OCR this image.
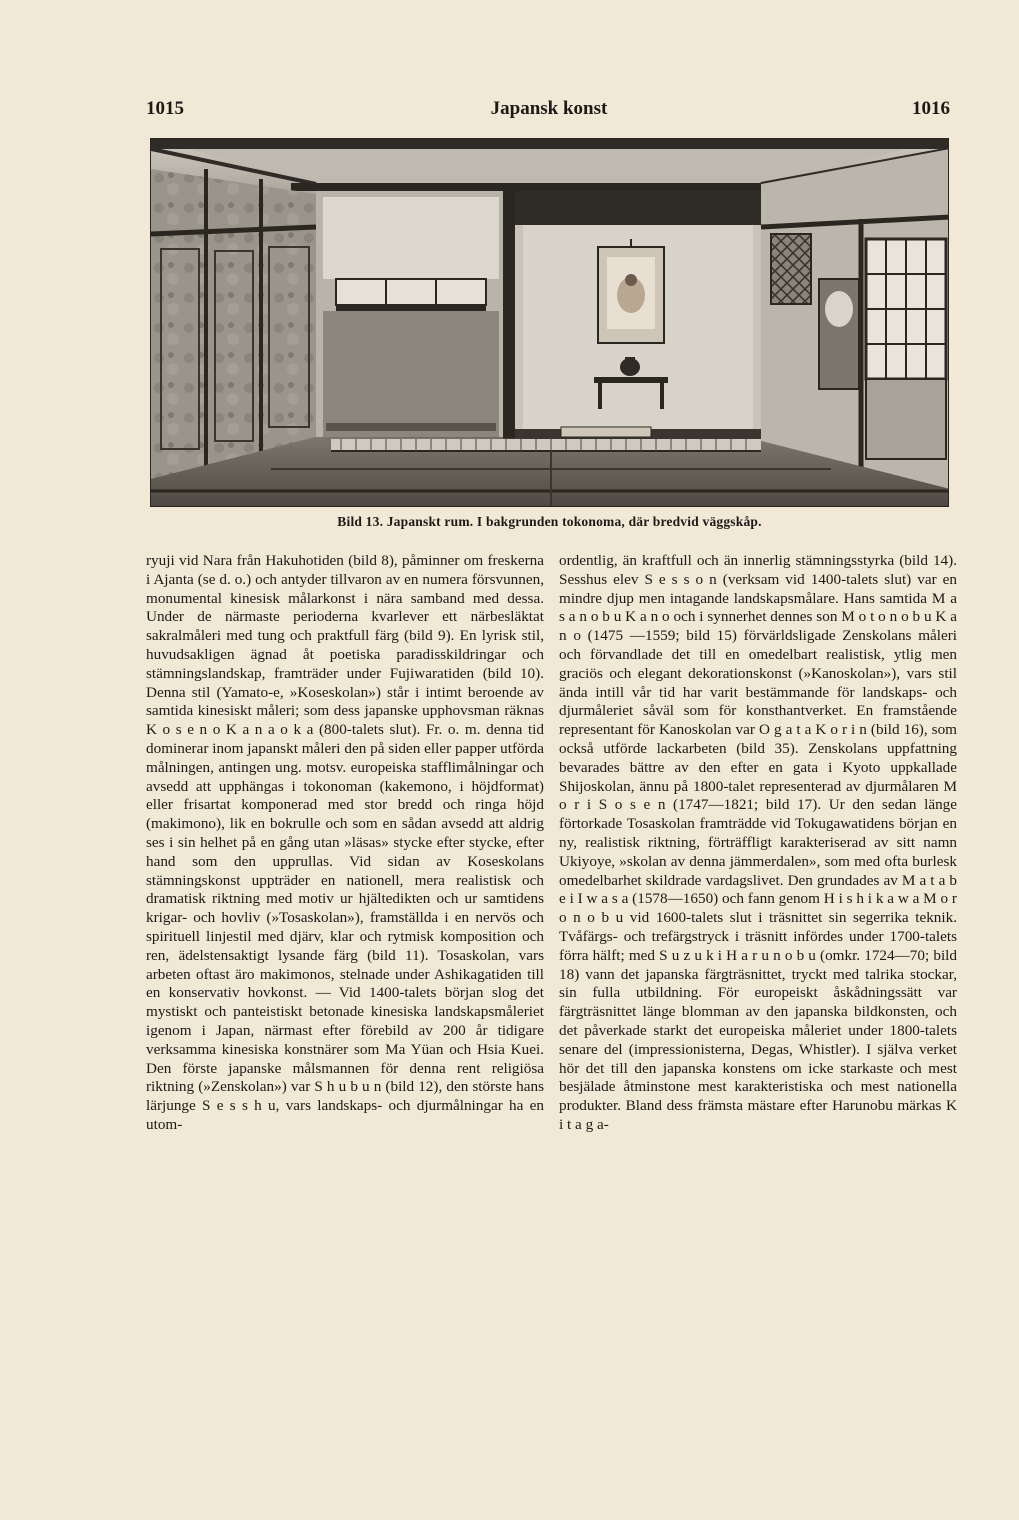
1015	Japansk konst	1016
Bild 13. Japanskt rum. I bakgrunden tokonoma, där bredvid väggskåp.

ryuji vid Nara från Hakuhotiden (bild 8), påminner om freskerna i Ajanta (se d. o.) och antyder tillvaron av en numera försvunnen, monumental kinesisk målarkonst i nära samband med dessa. Under de närmaste perioderna kvarlever ett närbesläktat sakralmåleri med tung och praktfull färg (bild 9). En lyrisk stil, huvudsakligen ägnad åt poetiska paradisskildringar och stämningslandskap, framträder under Fujiwaratiden (bild 10). Denna stil (Yamato-e, »Koseskolan») står i intimt beroende av samtida kinesiskt måleri; som dess japanske upphovsman räknas K o s e n o K a n a o k a (800-talets slut). Fr. o. m. denna tid dominerar inom japanskt måleri den på siden eller papper utförda målningen, antingen ung. motsv. europeiska stafflimålningar och avsedd att upphängas i tokonoman (kakemono, i höjdformat) eller frisartat komponerad med stor bredd och ringa höjd (makimono), lik en bokrulle och som en sådan avsedd att aldrig ses i sin helhet på en gång utan »läsas» stycke efter stycke, efter hand som den upprullas. Vid sidan av Koseskolans stämningskonst uppträder en nationell, mera realistisk och dramatisk riktning med motiv ur hjältedikten och ur samtidens krigar- och hovliv (»Tosaskolan»), framställda i en nervös och spirituell linjestil med djärv, klar och rytmisk komposition och ren, ädelstensaktigt lysande färg (bild 11). Tosaskolan, vars arbeten oftast äro makimonos, stelnade under Ashikagatiden till en konservativ hovkonst. — Vid 1400-talets början slog det mystiskt och panteistiskt betonade kinesiska landskapsmåleriet igenom i Japan, närmast efter förebild av 200 år tidigare verksamma kinesiska konstnärer som Ma Yüan och Hsia Kuei. Den förste japanske målsmannen för denna rent religiösa riktning (»Zenskolan») var S h u b u n (bild 12), den störste hans lärjunge S e s s h u, vars landskaps- och djurmålningar ha en utom-

ordentlig, än kraftfull och än innerlig stämningsstyrka (bild 14). Sesshus elev S e s s o n (verksam vid 1400-talets slut) var en mindre djup men intagande landskapsmålare. Hans samtida M a s a n o b u K a n o och i synnerhet dennes son M o t o n o b u K a n o (1475 —1559; bild 15) förvärldsligade Zenskolans måleri och förvandlade det till en omedelbart realistisk, ytlig men graciös och elegant dekorationskonst (»Kanoskolan»), vars stil ända intill vår tid har varit bestämmande för landskaps- och djurmåleriet såväl som för konsthantverket. En framstående representant för Kanoskolan var O g a t a K o r i n (bild 16), som också utförde lackarbeten (bild 35). Zenskolans uppfattning bevarades bättre av den efter en gata i Kyoto uppkallade Shijoskolan, ännu på 1800-talet representerad av djurmålaren M o r i S o s e n (1747—1821; bild 17). Ur den sedan länge förtorkade Tosaskolan framträdde vid Tokugawatidens början en ny, realistisk riktning, förträffligt karakteriserad av sitt namn Ukiyoye, »skolan av denna jämmerdalen», som med ofta burlesk omedelbarhet skildrade vardagslivet. Den grundades av M a t a b e i I w a s a (1578—1650) och fann genom H i s h i k a w a M o r o n o b u vid 1600-talets slut i träsnittet sin segerrika teknik. Tvåfärgs- och trefärgstryck i träsnitt infördes under 1700-talets förra hälft; med S u z u k i H a r u n o b u (omkr. 1724—70; bild 18) vann det japanska färgträsnittet, tryckt med talrika stockar, sin fulla utbildning. För europeiskt åskådningssätt var färgträsnittet länge blomman av den japanska bildkonsten, och det påverkade starkt det europeiska måleriet under 1800-talets senare del (impressionisterna, Degas, Whistler). I själva verket hör det till den japanska konstens om icke starkaste och mest besjälade åtminstone mest karakteristiska och mest nationella produkter. Bland dess främsta mästare efter Harunobu märkas K i t a g a-
